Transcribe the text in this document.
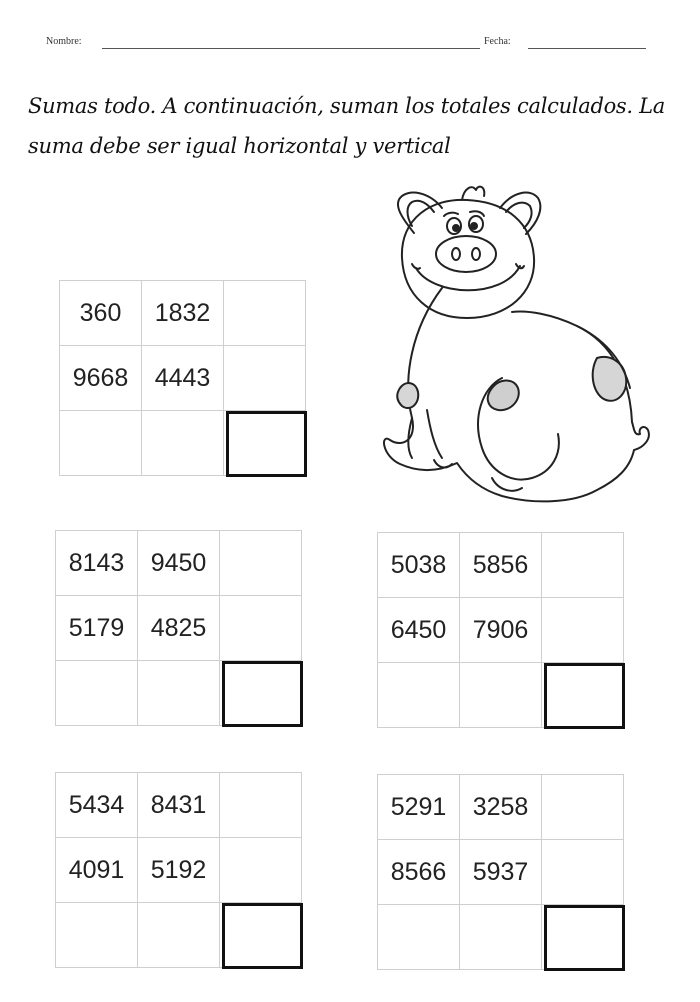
Nombre:	Fecha:
Sumas todo. A continuación, suman los totales calculados. La suma debe ser igual horizontal y vertical
360	1832	
9668	4443	

8143	9450	
5179	4825	

5038	5856	
6450	7906	

5434	8431	
4091	5192	

5291	3258	
8566	5937	
